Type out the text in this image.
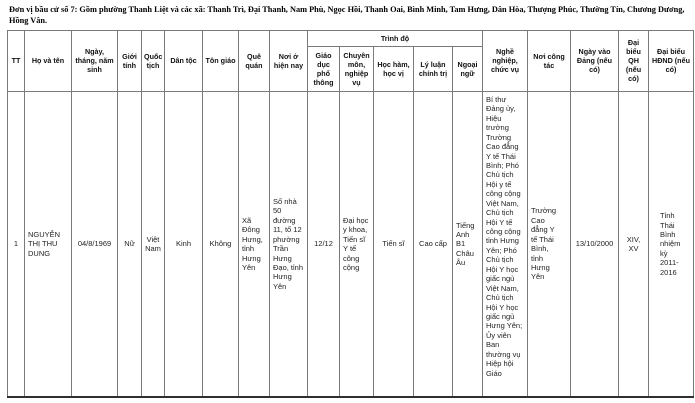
Đơn vị bầu cử số 7: Gồm phường Thanh Liệt và các xã: Thanh Trì, Đại Thanh, Nam Phù, Ngọc Hồi, Thanh Oai, Bình Minh, Tam Hưng, Dân Hòa, Thượng Phúc, Thường Tín, Chương Dương,
Hồng Vân.
TT	Họ và tên	Ngày, tháng, năm sinh	Giới tính	Quốc tịch	Dân tộc	Tôn giáo	Quê quán	Nơi ở hiện nay	Trình độ					Nghề nghiệp, chức vụ	Nơi công tác	Ngày vào Đảng (nếu có)	Đại biểu QH (nếu có)	Đại biểu HĐND (nếu có)
									Giáo dục phổ thông	Chuyên môn, nghiệp vụ	Học hàm, học vị	Lý luận chính trị	Ngoại ngữ					
1	NGUYỄN THỊ THU DUNG	04/8/1969	Nữ	Việt Nam	Kinh	Không	Xã Đông Hưng, tỉnh Hưng Yên	Số nhà 50 đường 11, tổ 12 phường Trần Hưng Đạo, tỉnh Hưng Yên	12/12	Đại học y khoa, Tiến sĩ Y tế công cộng	Tiến sĩ	Cao cấp	Tiếng Anh B1 Châu Âu	Bí thư Đảng ủy, Hiệu trưởng Trường Cao đẳng Y tế Thái Bình; Phó Chủ tịch Hội y tế công cộng Việt Nam, Chủ tịch Hội Y tế công cộng tỉnh Hưng Yên; Phó Chủ tịch Hội Y học giấc ngủ Việt Nam, Chủ tịch Hội Y học giấc ngủ Hưng Yên; Ủy viên Ban thường vụ Hiệp hội Giáo	Trường Cao đẳng Y tế Thái Bình, tỉnh Hưng Yên	13/10/2000	XIV, XV	Tỉnh Thái Bình nhiệm kỳ 2011-2016
